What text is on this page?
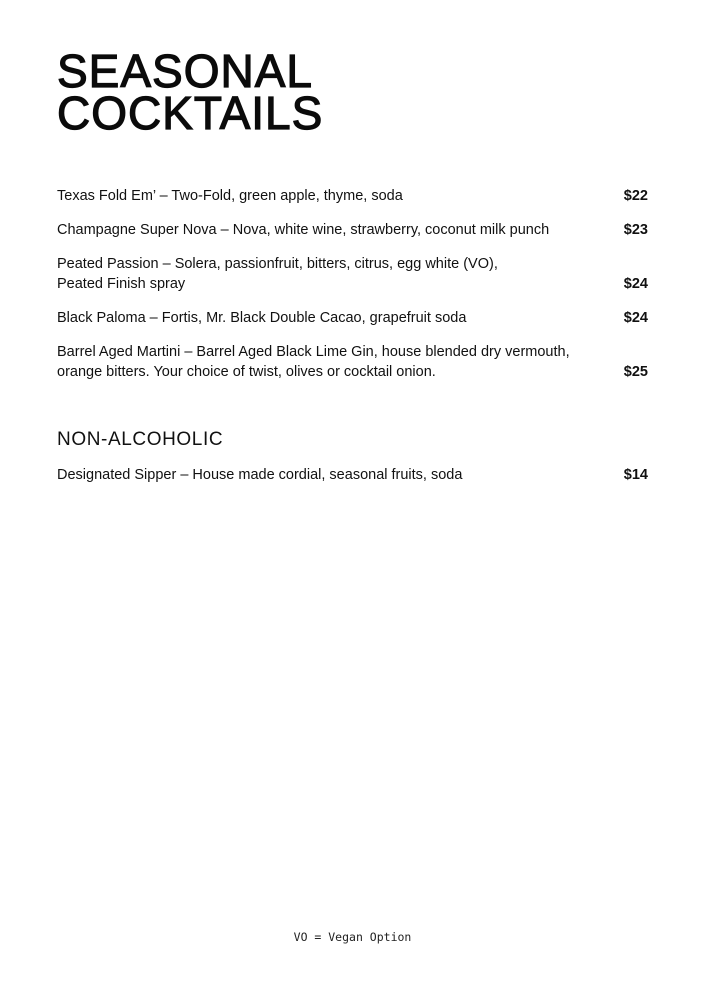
SEASONAL
COCKTAILS
Texas Fold Em’ – Two-Fold, green apple, thyme, soda	$22
Champagne Super Nova – Nova, white wine, strawberry, coconut milk punch	$23
Peated Passion – Solera, passionfruit, bitters, citrus, egg white (VO),
Peated Finish spray	$24
Black Paloma – Fortis, Mr. Black Double Cacao, grapefruit soda	$24
Barrel Aged Martini – Barrel Aged Black Lime Gin, house blended dry vermouth,
orange bitters. Your choice of twist, olives or cocktail onion.	$25
NON-ALCOHOLIC
Designated Sipper – House made cordial, seasonal fruits, soda	$14
VO = Vegan Option
